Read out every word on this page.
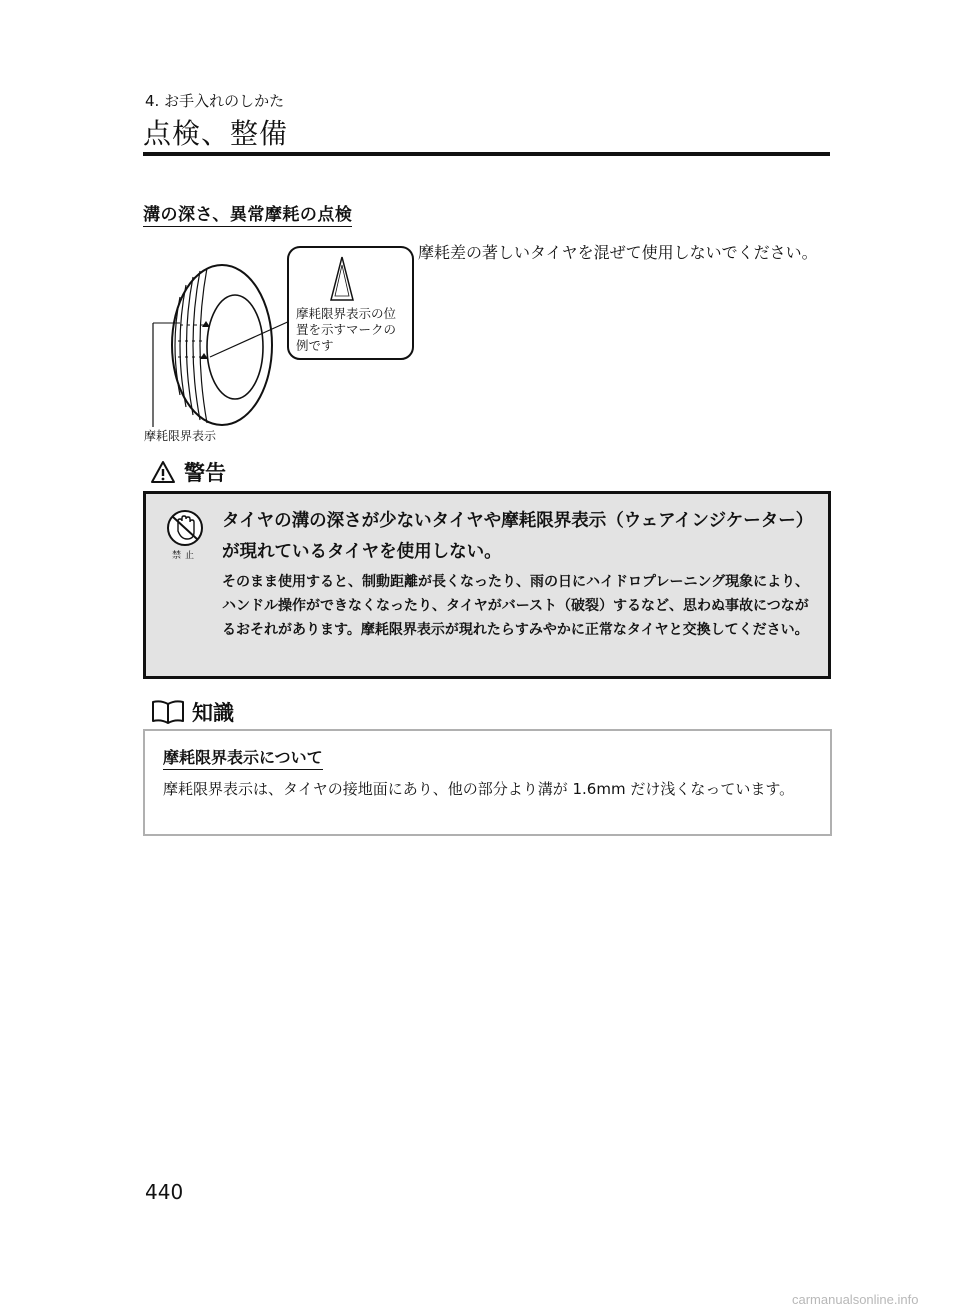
4. お手入れのしかた
点検、整備
溝の深さ、異常摩耗の点検
摩耗差の著しいタイヤを混ぜて使用しないでください。
摩耗限界表示の位置を示すマークの例です
摩耗限界表示
警告
禁止
タイヤの溝の深さが少ないタイヤや摩耗限界表示（ウェアインジケーター）が現れているタイヤを使用しない。
そのまま使用すると、制動距離が長くなったり、雨の日にハイドロプレーニング現象により、ハンドル操作ができなくなったり、タイヤがバースト（破裂）するなど、思わぬ事故につながるおそれがあります。摩耗限界表示が現れたらすみやかに正常なタイヤと交換してください。
知識
摩耗限界表示について
摩耗限界表示は、タイヤの接地面にあり、他の部分より溝が 1.6mm だけ浅くなっています。
440
carmanualsonline.info
